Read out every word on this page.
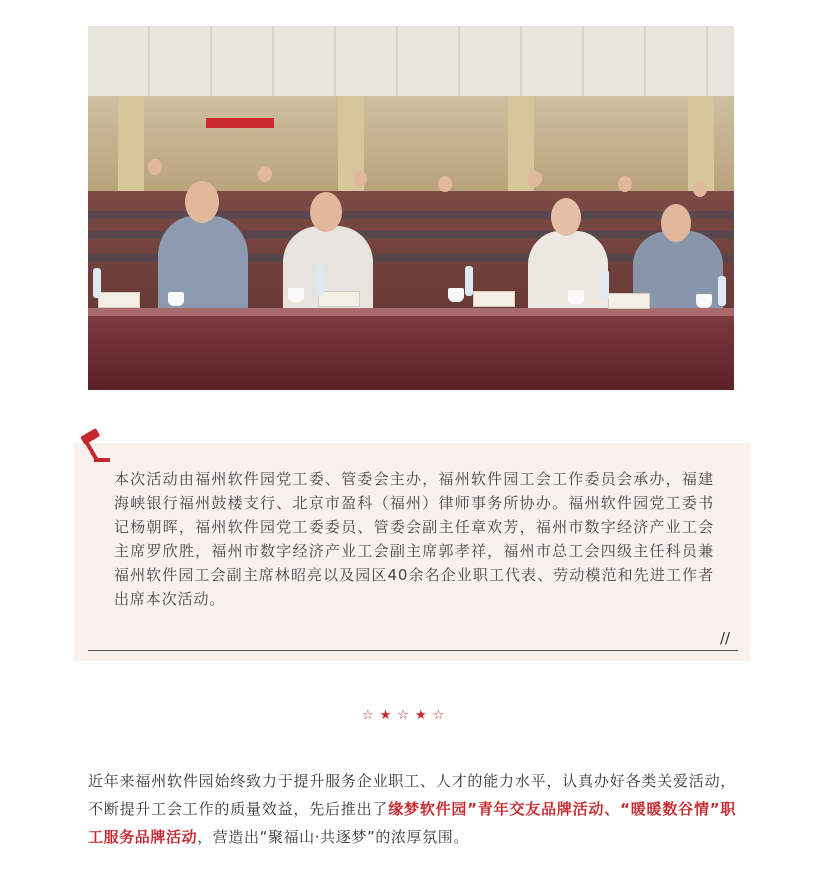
本次活动由福州软件园党工委、管委会主办，福州软件园工会工作委员会承办，福建海峡银行福州鼓楼支行、北京市盈科（福州）律师事务所协办。福州软件园党工委书记杨朝晖，福州软件园党工委委员、管委会副主任章欢芳，福州市数字经济产业工会主席罗欣胜，福州市数字经济产业工会副主席郭孝祥，福州市总工会四级主任科员兼福州软件园工会副主席林昭亮以及园区40余名企业职工代表、劳动模范和先进工作者出席本次活动。

//
☆★☆★☆

近年来福州软件园始终致力于提升服务企业职工、人才的能力水平，认真办好各类关爱活动，不断提升工会工作的质量效益，先后推出了缘梦软件园”青年交友品牌活动、“暖暖数谷情”职工服务品牌活动，营造出“聚福山·共逐梦”的浓厚氛围。
